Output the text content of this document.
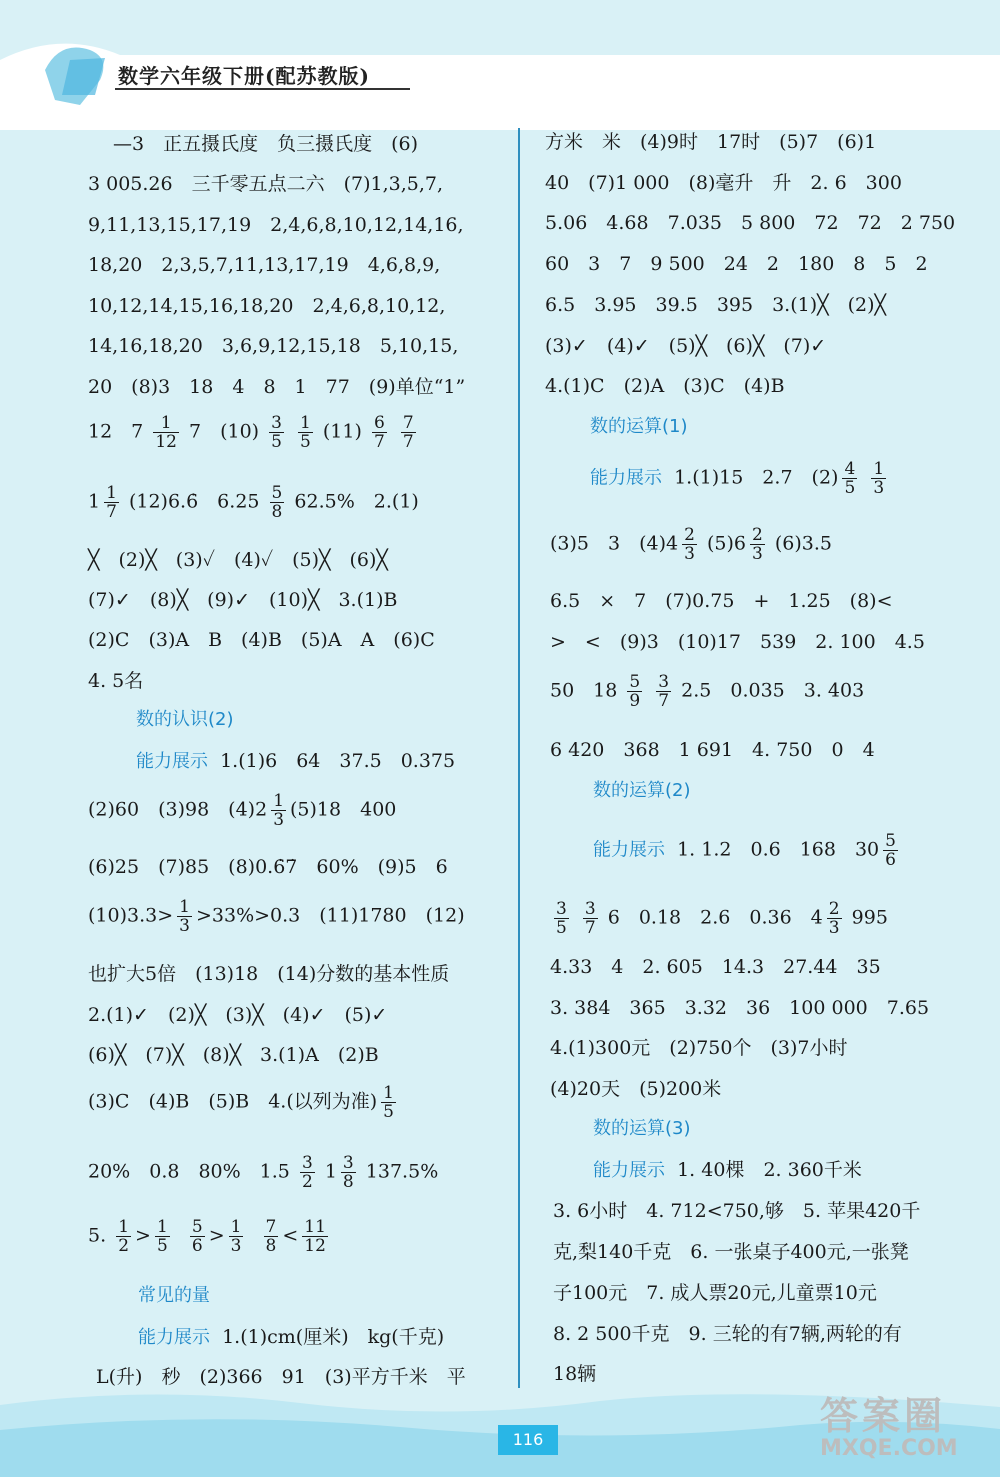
数学六年级下册(配苏教版)
—3　正五摄氏度　负三摄氏度　(6)
3 005.26　三千零五点二六　(7)1,3,5,7,
9,11,13,15,17,19　2,4,6,8,10,12,14,16,
18,20　2,3,5,7,11,13,17,19　4,6,8,9,
10,12,14,15,16,18,20　2,4,6,8,10,12,
14,16,18,20　3,6,9,12,15,18　5,10,15,
20　(8)3　18　4　8　1　77　(9)单位“1”
12　$7 \frac{1}{12} 7$　$(10) \frac{3}{5}$
$\frac{1}{5} (11) \frac{6}{7}$
$\frac{7}{7}$
$1 \frac{1}{7}$ (12)6.6̇　$6.25 \frac{5}{8} 62.5\%$　2.(1)
╳　(2)╳　(3)✓　(4)✓　(5)╳　(6)╳
(7)✓　(8)╳　(9)✓　(10)╳　3.(1)B
(2)C　(3)A　B　(4)B　(5)A　A　(6)C
4. 5名
数的认识(2)
能力展示 1.(1)6　64　37.5　0.375
(2)60　(3)98　$(4)2 \frac{1}{3} (5)18$　400
(6)25　(7)85　(8)0.6̇7̇　60%　(9)5　6
$(10)3.3> \frac{1}{3} >33\%>0.3$　(11)1780　(12)
也扩大5倍　(13)18　(14)分数的基本性质
2.(1)✓　(2)╳　(3)╳　(4)✓　(5)✓
(6)╳　(7)╳　(8)╳　3.(1)A　(2)B
(3)C　(4)B　(5)B　4.(以列为准) $\frac{1}{5}$
20%　0.8　80%　$1.5 \frac{3}{2} 1 \frac{3}{8} 137.5\%$
5. $\frac{1}{2} > \frac{1}{5}$
$\frac{5}{6} > \frac{1}{3}$
$\frac{7}{8} < \frac{11}{12}$
常见的量
能力展示 1.(1)cm(厘米)　kg(千克)
L(升)　秒　(2)366　91　(3)平方千米　平
方米　米　(4)9时　17时　(5)7　(6)1
40　(7)1 000　(8)毫升　升　2. 6　300
5.06　4.68　7.035　5 800　72　72　2 750
60　3　7　9 500　24　2　180　8　5　2
6.5　3.95　39.5　395　3.(1)╳　(2)╳
(3)✓　(4)✓　(5)╳　(6)╳　(7)✓
4.(1)C　(2)A　(3)C　(4)B
数的运算(1)
能力展示 1.(1)15　2.7　$(2) \frac{4}{5}$
$\frac{1}{3}$
(3)5　3　$(4)4 \frac{2}{3} (5)6 \frac{2}{3} (6)3.5$
6.5　×　7　(7)0.75　+　1.25　(8)<
>　<　(9)3　(10)17　539　2. 100　4.5
50　$18 \frac{5}{9}$
$\frac{3}{7} 2.5$　0.035　3. 403
6 420　368　1 691　4. 750　0　4
数的运算(2)
能力展示 1. 1.2　0.6　168　$30 \frac{5}{6}$
$\frac{3}{5}$
$\frac{3}{7} 6$　0.18　2.6　0.36　$4 \frac{2}{3} 995$
4.33　4　2. 605　14.3　27.44　35
3. 384　365　3.32　36　100 000　7.65
4.(1)300元　(2)750个　(3)7小时
(4)20天　(5)200米
数的运算(3)
能力展示 1. 40棵　2. 360千米
3. 6小时　4. 712<750,够　5. 苹果420千
克,梨140千克　6. 一张桌子400元,一张凳
子100元　7. 成人票20元,儿童票10元
8. 2 500千克　9. 三轮的有7辆,两轮的有
18辆
116
答案圈
MXQE.COM
